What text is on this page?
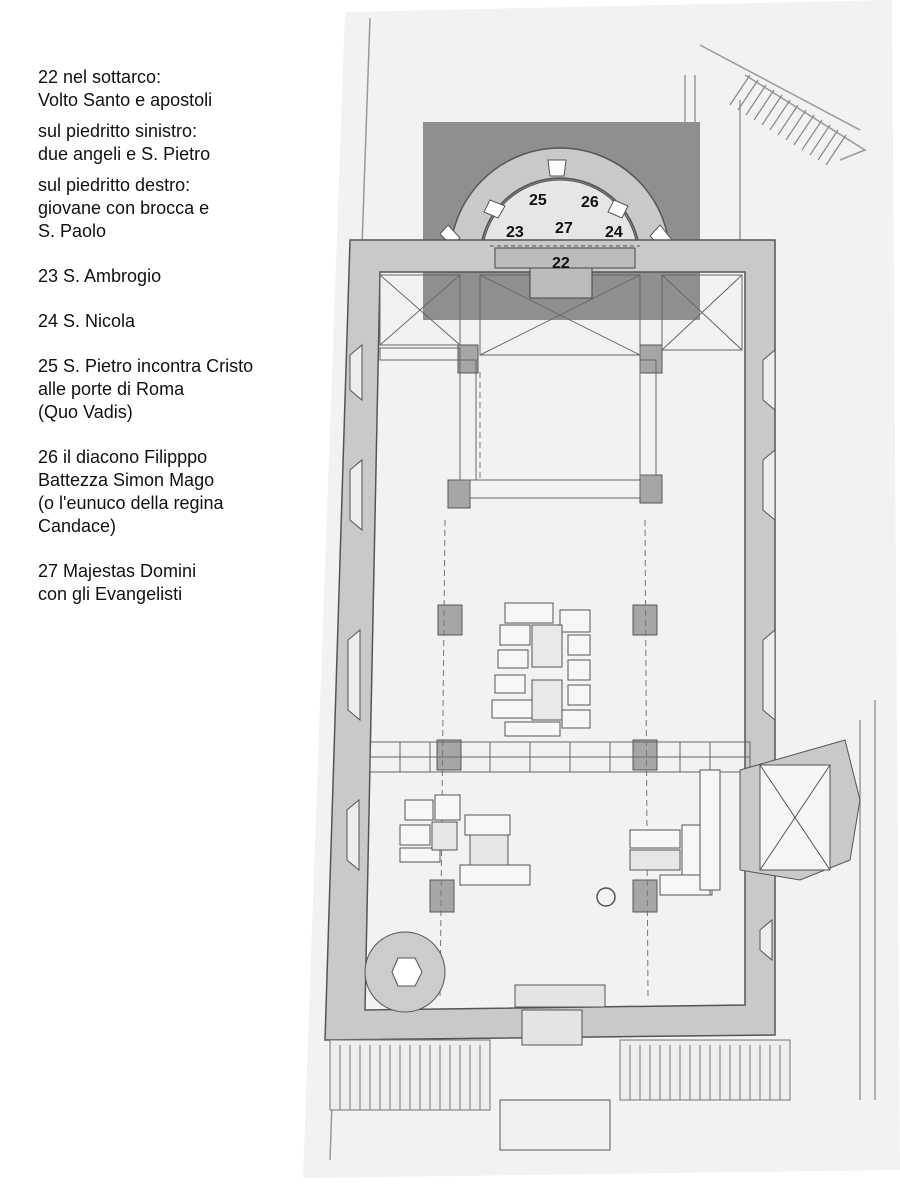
22 nel sottarco:
Volto Santo e apostoli

sul piedritto sinistro:
due angeli e S. Pietro

sul piedritto destro:
giovane con brocca e
S. Paolo

23 S. Ambrogio

24 S. Nicola

25 S. Pietro incontra Cristo
alle porte di Roma
(Quo Vadis)

26 il diacono Filipppo
Battezza Simon Mago
(o l'eunuco della regina
Candace)

27 Majestas Domini
con gli Evangelisti

25 26
27
23	24
22
